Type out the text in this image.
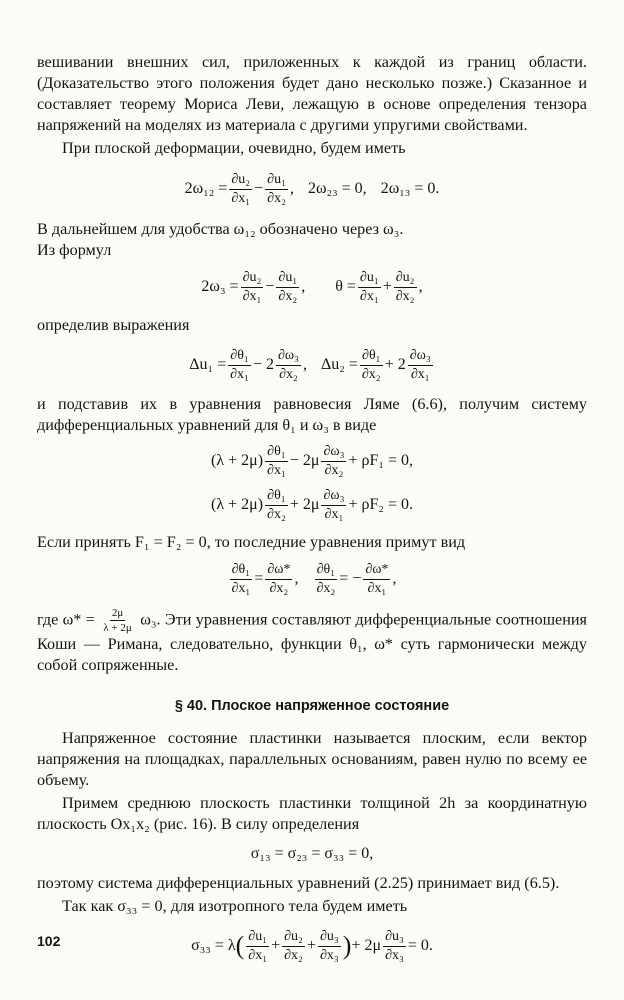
вешивании внешних сил, приложенных к каждой из границ области. (Доказательство этого положения будет дано несколько позже.) Сказанное и составляет теорему Мориса Леви, лежащую в основе определения тензора напряжений на моделях из материала с другими упругими свойствами.

При плоской деформации, очевидно, будем иметь

$2\omega_{12} = \frac{\text{∂u₂}}{\text{∂x₁}} - \frac{\text{∂u₁}}{\text{∂x₂}}$ , 2ω₂₃ = 0, 2ω₁₃ = 0.

В дальнейшем для удобства ω₁₂ обозначено через ω₃.

Из формул

$2\omega_3 = \frac{\text{∂u₂}}{\text{∂x₁}} - \frac{\text{∂u₁}}{\text{∂x₂}}$ , $\theta = \frac{\text{∂u₁}}{\text{∂x₁}} + \frac{\text{∂u₂}}{\text{∂x₂}}$ ,

определив выражения

$\Delta u_1 = \frac{\text{∂θ₁}}{\text{∂x₁}} - 2 \frac{\text{∂ω₃}}{\text{∂x₂}}$ , $\Delta u_2 = \frac{\text{∂θ₁}}{\text{∂x₂}} + 2 \frac{\text{∂ω₃}}{\text{∂x₁}}$

и подставив их в уравнения равновесия Ляме (6.6), получим систему дифференциальных уравнений для θ₁ и ω₃ в виде

$(\lambda + 2\mu) \frac{\text{∂θ₁}}{\text{∂x₁}} - 2\mu \frac{\text{∂ω₃}}{\text{∂x₂}} + \rho F_1 = 0$,
$(\lambda + 2\mu) \frac{\text{∂θ₁}}{\text{∂x₂}} + 2\mu \frac{\text{∂ω₃}}{\text{∂x₁}} + \rho F_2 = 0$.

Если принять F₁ = F₂ = 0, то последние уравнения примут вид

$\frac{\text{∂θ₁}}{\text{∂x₁}} = \frac{\partial\omega*}{\text{∂x₂}}$ , $\frac{\text{∂θ₁}}{\text{∂x₂}}$ = − $\frac{\partial\omega*}{\text{∂x₁}}$ ,

где $\omega* = \frac{2\mu}{\lambda + 2\mu} \omega_3$. Эти уравнения составляют дифференциальные соотношения Коши — Римана, следовательно, функции θ₁, ω* суть гармонически между собой сопряженные.

§ 40. Плоское напряженное состояние

Напряженное состояние пластинки называется плоским, если вектор напряжения на площадках, параллельных основаниям, равен нулю по всему ее объему.

Примем среднюю плоскость пластинки толщиной 2h за координатную плоскость Ox₁x₂ (рис. 16). В силу определения

σ₁₃ = σ₂₃ = σ₃₃ = 0,

поэтому система дифференциальных уравнений (2.25) принимает вид (6.5).

Так как σ₃₃ = 0, для изотропного тела будем иметь

σ₃₃ = λ ( $\frac{\text{∂u₁}}{\text{∂x₁}} + \frac{\text{∂u₂}}{\text{∂x₂}} + \frac{\text{∂u₃}}{\text{∂x₃}}$ ) + $2\mu \frac{\text{∂u₃}}{\text{∂x₃}} = 0$.
102
